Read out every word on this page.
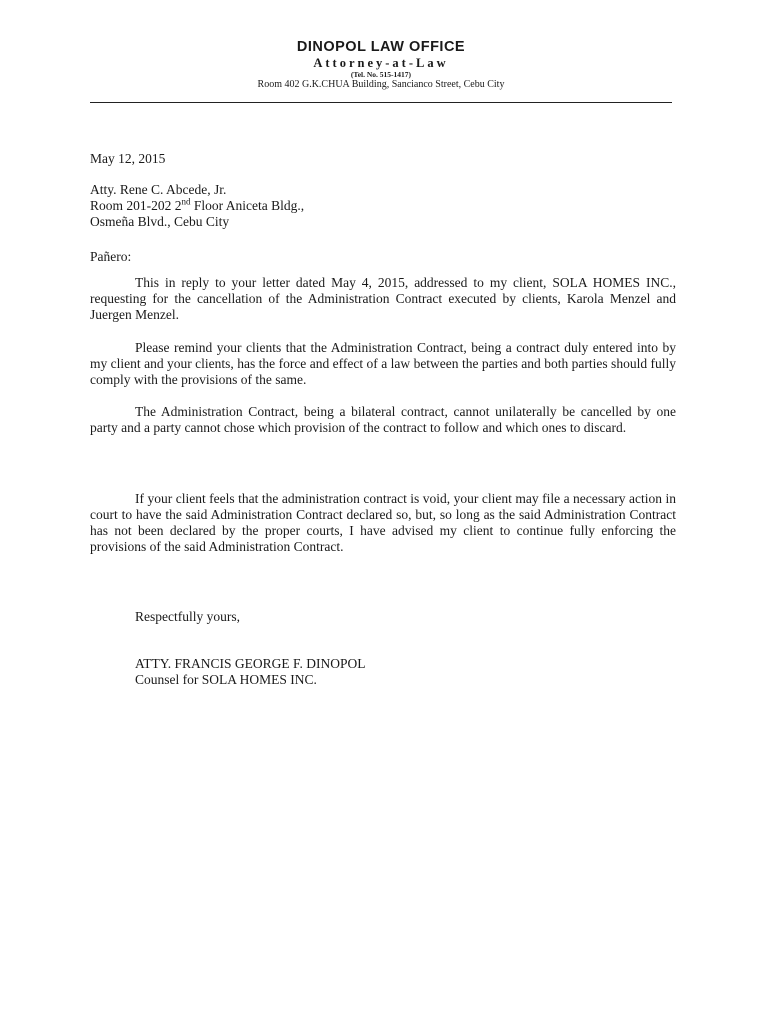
DINOPOL LAW OFFICE
Attorney-at-Law
(Tel. No. 515-1417)
Room 402 G.K.CHUA Building, Sancianco Street, Cebu City
May 12, 2015
Atty. Rene C. Abcede, Jr.
Room 201-202 2nd Floor Aniceta Bldg.,
Osmeña Blvd., Cebu City
Pañero:

This in reply to your letter dated May 4, 2015, addressed to my client, SOLA HOMES INC., requesting for the cancellation of the Administration Contract executed by clients, Karola Menzel and Juergen Menzel.

Please remind your clients that the Administration Contract, being a contract duly entered into by my client and your clients, has the force and effect of a law between the parties and both parties should fully comply with the provisions of the same.

The Administration Contract, being a bilateral contract, cannot unilaterally be cancelled by one party and a party cannot chose which provision of the contract to follow and which ones to discard.

If your client feels that the administration contract is void, your client may file a necessary action in court to have the said Administration Contract declared so, but, so long as the said Administration Contract has not been declared by the proper courts, I have advised my client to continue fully enforcing the provisions of the said Administration Contract.

Respectfully yours,
ATTY. FRANCIS GEORGE F. DINOPOL
Counsel for SOLA HOMES INC.
